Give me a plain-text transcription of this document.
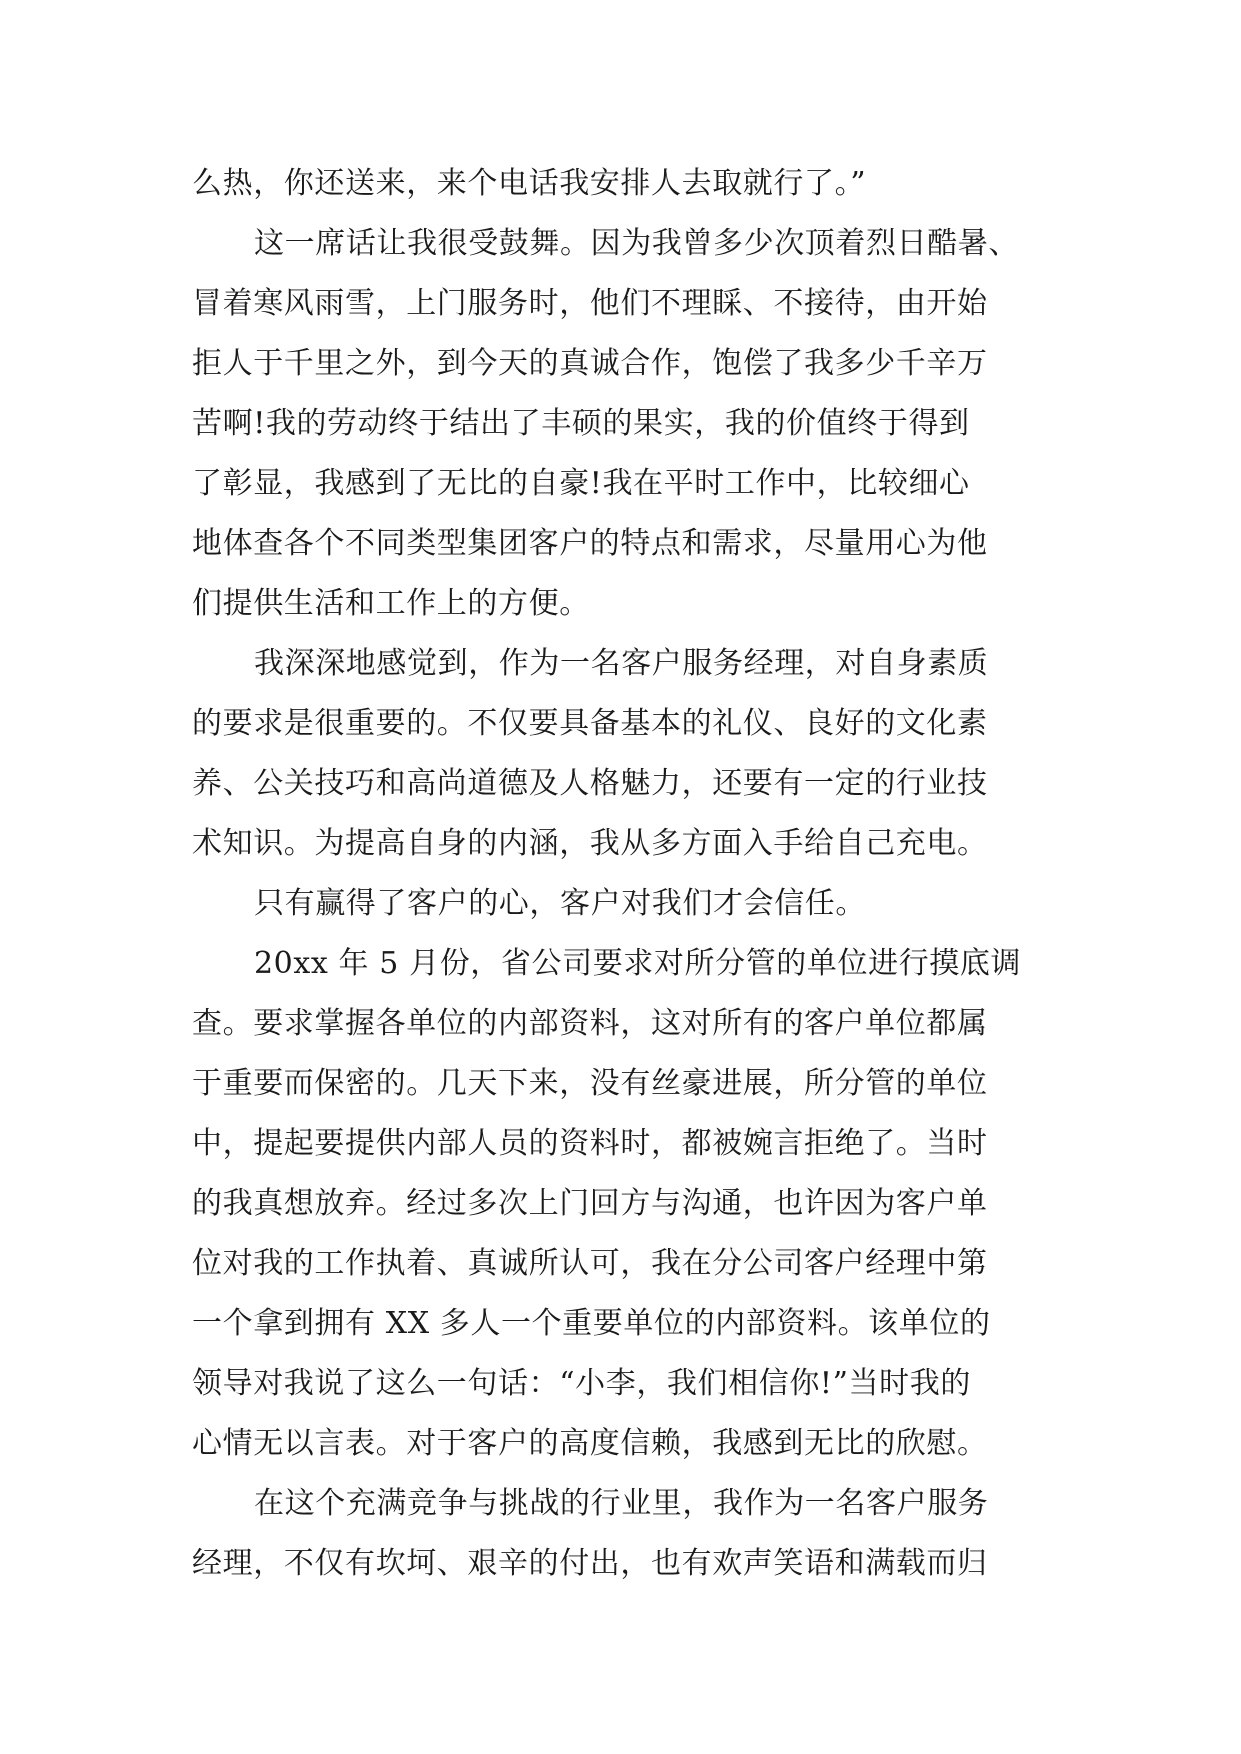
么热，你还送来，来个电话我安排人去取就行了。”

这一席话让我很受鼓舞。因为我曾多少次顶着烈日酷暑、

冒着寒风雨雪，上门服务时，他们不理睬、不接待，由开始

拒人于千里之外，到今天的真诚合作，饱偿了我多少千辛万

苦啊!我的劳动终于结出了丰硕的果实，我的价值终于得到

了彰显，我感到了无比的自豪!我在平时工作中，比较细心

地体查各个不同类型集团客户的特点和需求，尽量用心为他

们提供生活和工作上的方便。

我深深地感觉到，作为一名客户服务经理，对自身素质

的要求是很重要的。不仅要具备基本的礼仪、良好的文化素

养、公关技巧和高尚道德及人格魅力，还要有一定的行业技

术知识。为提高自身的内涵，我从多方面入手给自己充电。

只有赢得了客户的心，客户对我们才会信任。

20xx 年 5 月份，省公司要求对所分管的单位进行摸底调

查。要求掌握各单位的内部资料，这对所有的客户单位都属

于重要而保密的。几天下来，没有丝豪进展，所分管的单位

中，提起要提供内部人员的资料时，都被婉言拒绝了。当时

的我真想放弃。经过多次上门回方与沟通，也许因为客户单

位对我的工作执着、真诚所认可，我在分公司客户经理中第

一个拿到拥有 XX 多人一个重要单位的内部资料。该单位的

领导对我说了这么一句话：“小李，我们相信你!”当时我的

心情无以言表。对于客户的高度信赖，我感到无比的欣慰。

在这个充满竞争与挑战的行业里，我作为一名客户服务

经理，不仅有坎坷、艰辛的付出，也有欢声笑语和满载而归
